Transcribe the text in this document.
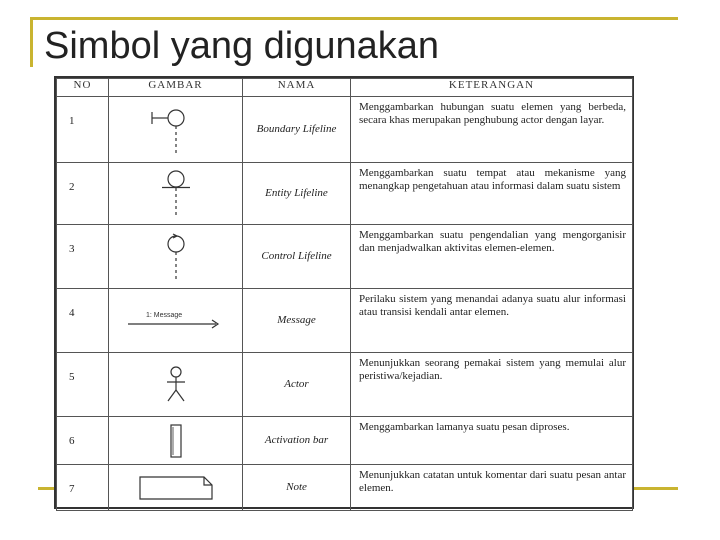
Simbol yang digunakan
NO	GAMBAR	NAMA	KETERANGAN

1		Boundary Lifeline	Menggambarkan hubungan suatu elemen yang berbeda, secara khas merupakan penghubung actor dengan layar.

2		Entity Lifeline	Menggambarkan suatu tempat atau mekanisme yang menangkap pengetahuan atau informasi dalam suatu sistem

3		Control Lifeline	Menggambarkan suatu pengendalian yang mengorganisir dan menjadwalkan aktivitas elemen-elemen.

4	1: Message	Message	Perilaku sistem yang menandai adanya suatu alur informasi atau transisi kendali antar elemen.

5		Actor	Menunjukkan seorang pemakai sistem yang memulai alur peristiwa/kejadian.

6		Activation bar	Menggambarkan lamanya suatu pesan diproses.

7		Note	Menunjukkan catatan untuk komentar dari suatu pesan antar elemen.
